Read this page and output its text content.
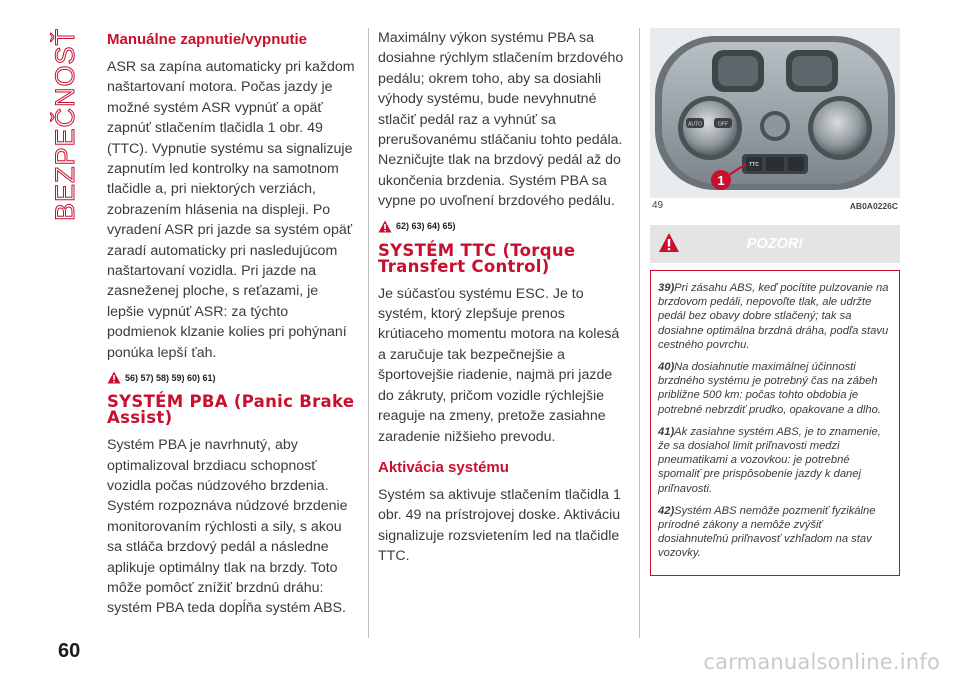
BEZPEČNOSŤ Manuálne zapnutie/vypnutie

ASR sa zapína automaticky pri každom naštartovaní motora. Počas jazdy je možné systém ASR vypnúť a opäť zapnúť stlačením tlačidla 1 obr. 49 (TTC). Vypnutie systému sa signalizuje zapnutím led kontrolky na samotnom tlačidle a, pri niektorých verziách, zobrazením hlásenia na displeji. Po vyradení ASR pri jazde sa systém opäť zaradí automaticky pri nasledujúcom naštartovaní vozidla. Pri jazde na zasneženej ploche, s reťazami, je lepšie vypnúť ASR: za týchto podmienok klzanie kolies pri pohýnaní ponúka lepší ťah.

56) 57) 58) 59) 60) 61)
SYSTÉM PBA (Panic Brake Assist)

Systém PBA je navrhnutý, aby optimalizoval brzdiacu schopnosť vozidla počas núdzového brzdenia. Systém rozpoznáva núdzové brzdenie monitorovaním rýchlosti a sily, s akou sa stláča brzdový pedál a následne aplikuje optimálny tlak na brzdy. Toto môže pomôcť znížiť brzdnú dráhu: systém PBA teda dopĺňa systém ABS.

Maximálny výkon systému PBA sa dosiahne rýchlym stlačením brzdového pedálu; okrem toho, aby sa dosiahli výhody systému, bude nevyhnutné stlačiť pedál raz a vyhnúť sa prerušovanému stláčaniu tohto pedála. Nezničujte tlak na brzdový pedál až do ukončenia brzdenia. Systém PBA sa vypne po uvoľnení brzdového pedálu.

62) 63) 64) 65)
SYSTÉM TTC (Torque Transfert Control)

Je súčasťou systému ESC. Je to systém, ktorý zlepšuje prenos krútiaceho momentu motora na kolesá a zaručuje tak bezpečnejšie a športovejšie riadenie, najmä pri jazde do zákruty, pričom vozidle rýchlejšie reaguje na zmeny, pretože zasiahne zaradenie nižšieho prevodu.

Aktivácia systému

Systém sa aktivuje stlačením tlačidla 1 obr. 49 na prístrojovej doske. Aktiváciu signalizuje rozsvietením led na tlačidle TTC.

AUTO	OFF
TTC
1
49	AB0A0226C
POZOR!

39)Pri zásahu ABS, keď pocítite pulzovanie na brzdovom pedáli, nepovoľte tlak, ale udržte pedál bez obavy dobre stlačený; tak sa dosiahne optimálna brzdná dráha, podľa stavu cestného povrchu.

40)Na dosiahnutie maximálnej účinnosti brzdného systému je potrebný čas na zábeh približne 500 km: počas tohto obdobia je potrebné nebrzdiť prudko, opakovane a dlho.

41)Ak zasiahne systém ABS, je to znamenie, že sa dosiahol limit priľnavosti medzi pneumatikami a vozovkou: je potrebné spomaliť pre prispôsobenie jazdy k danej priľnavosti.

42)Systém ABS nemôže pozmeniť fyzikálne prírodné zákony a nemôže zvýšiť dosiahnuteľnú priľnavosť vzhľadom na stav vozovky.

60	carmanualsonline.info
